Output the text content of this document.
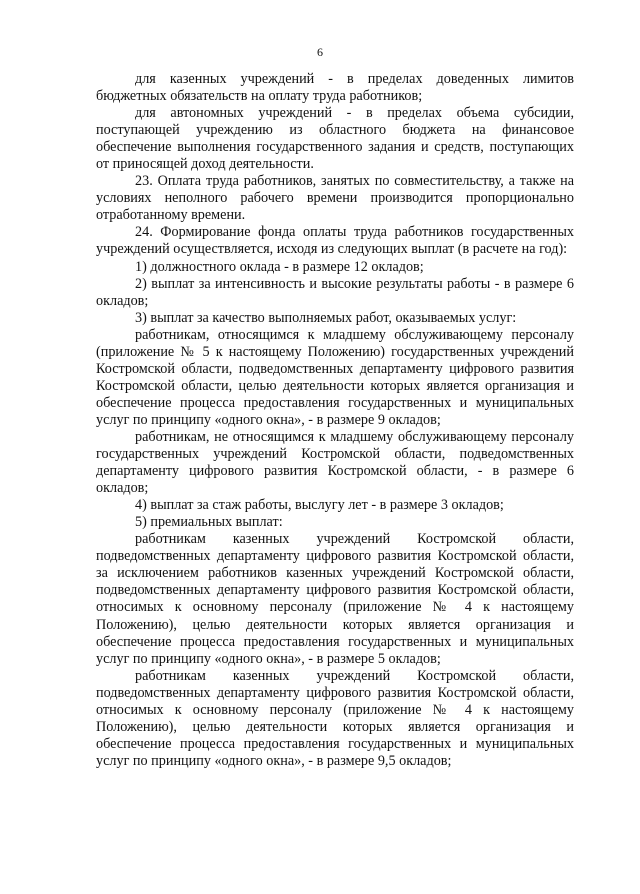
6

для казенных учреждений - в пределах доведенных лимитов бюджетных обязательств на оплату труда работников;

для автономных учреждений - в пределах объема субсидии, поступающей учреждению из областного бюджета на финансовое обеспечение выполнения государственного задания и средств, поступающих от приносящей доход деятельности.

23. Оплата труда работников, занятых по совместительству, а также на условиях неполного рабочего времени производится пропорционально отработанному времени.

24. Формирование фонда оплаты труда работников государственных учреждений осуществляется, исходя из следующих выплат (в расчете на год):

1) должностного оклада - в размере 12 окладов;

2) выплат за интенсивность и высокие результаты работы - в размере 6 окладов;

3) выплат за качество выполняемых работ, оказываемых услуг:

работникам, относящимся к младшему обслуживающему персоналу (приложение № 5 к настоящему Положению) государственных учреждений Костромской области, подведомственных департаменту цифрового развития Костромской области, целью деятельности которых является организация и обеспечение процесса предоставления государственных и муниципальных услуг по принципу «одного окна», - в размере 9 окладов;

работникам, не относящимся к младшему обслуживающему персоналу государственных учреждений Костромской области, подведомственных департаменту цифрового развития Костромской области, - в размере 6 окладов;

4) выплат за стаж работы, выслугу лет - в размере 3 окладов;

5) премиальных выплат:

работникам казенных учреждений Костромской области, подведомственных департаменту цифрового развития Костромской области, за исключением работников казенных учреждений Костромской области, подведомственных департаменту цифрового развития Костромской области, относимых к основному персоналу (приложение № 4 к настоящему Положению), целью деятельности которых является организация и обеспечение процесса предоставления государственных и муниципальных услуг по принципу «одного окна», - в размере 5 окладов;

работникам казенных учреждений Костромской области, подведомственных департаменту цифрового развития Костромской области, относимых к основному персоналу (приложение № 4 к настоящему Положению), целью деятельности которых является организация и обеспечение процесса предоставления государственных и муниципальных услуг по принципу «одного окна», - в размере 9,5 окладов;
